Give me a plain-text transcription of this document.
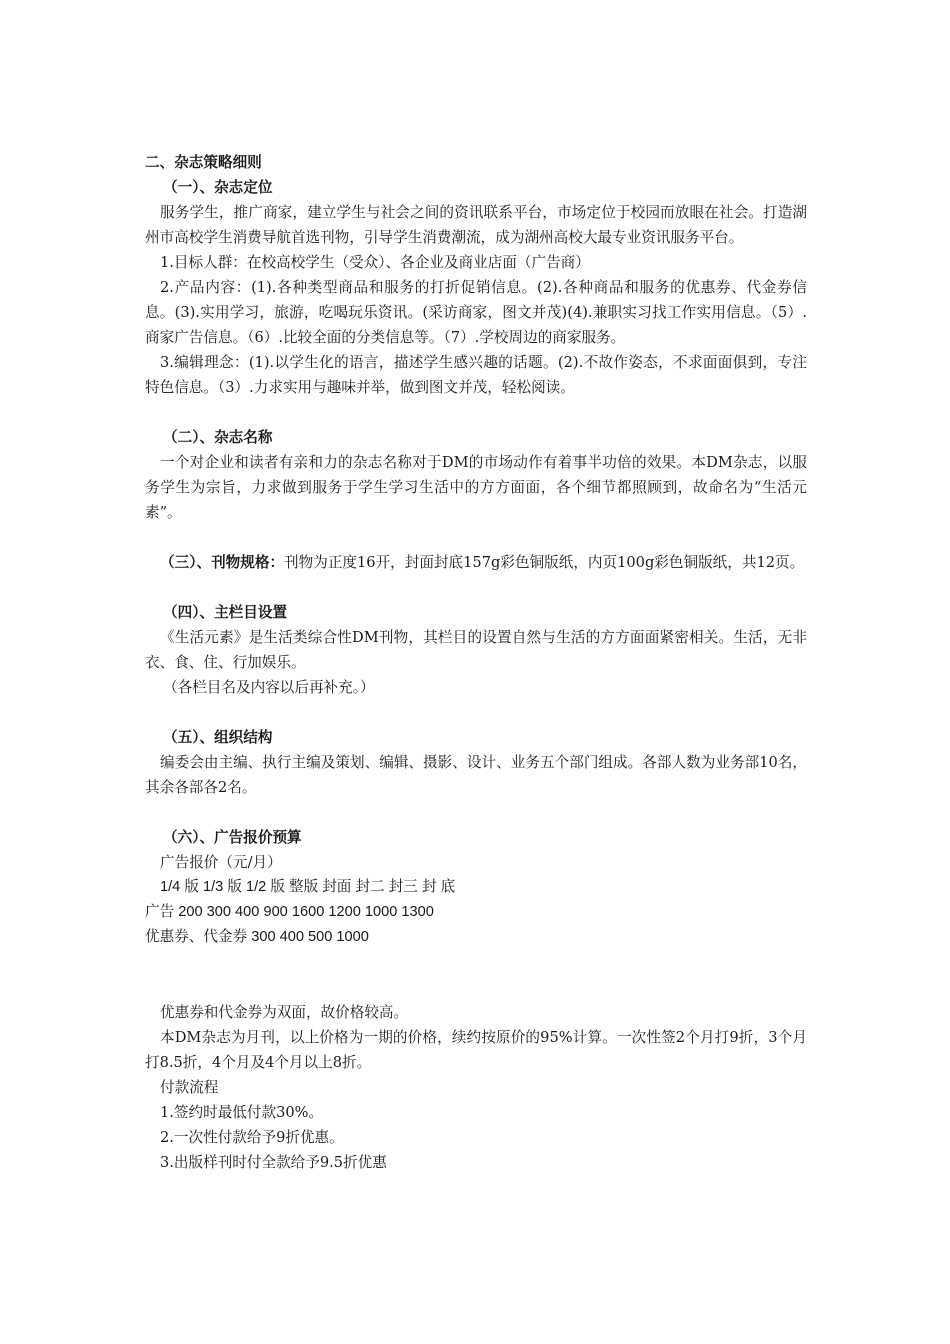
二、杂志策略细则
（一）、杂志定位

服务学生，推广商家，建立学生与社会之间的资讯联系平台，市场定位于校园而放眼在社会。打造湖州市高校学生消费导航首选刊物，引导学生消费潮流，成为湖州高校大最专业资讯服务平台。

1.目标人群：在校高校学生（受众）、各企业及商业店面（广告商）

2.产品内容：(1).各种类型商品和服务的打折促销信息。(2).各种商品和服务的优惠券、代金券信息。(3).实用学习，旅游，吃喝玩乐资讯。(采访商家，图文并茂)(4).兼职实习找工作实用信息。（5）.商家广告信息。（6）.比较全面的分类信息等。（7）.学校周边的商家服务。

3.编辑理念：(1).以学生化的语言，描述学生感兴趣的话题。(2).不故作姿态，不求面面俱到，专注特色信息。（3）.力求实用与趣味并举，做到图文并茂，轻松阅读。

（二）、杂志名称

一个对企业和读者有亲和力的杂志名称对于DM的市场动作有着事半功倍的效果。本DM杂志，以服务学生为宗旨，力求做到服务于学生学习生活中的方方面面，各个细节都照顾到，故命名为“生活元素”。

（三）、刊物规格：刊物为正度16开，封面封底157g彩色铜版纸，内页100g彩色铜版纸，共12页。

（四）、主栏目设置

《生活元素》是生活类综合性DM刊物，其栏目的设置自然与生活的方方面面紧密相关。生活，无非衣、食、住、行加娱乐。

（各栏目名及内容以后再补充。）

（五）、组织结构

编委会由主编、执行主编及策划、编辑、摄影、设计、业务五个部门组成。各部人数为业务部10名，其余各部各2名。

（六）、广告报价预算

广告报价（元/月）

1/4 版 1/3 版 1/2 版 整版 封面 封二 封三 封 底
广告 200 300 400 900 1600 1200 1000 1300
优惠券、代金券 300 400 500 1000

优惠券和代金券为双面，故价格较高。

本DM杂志为月刊，以上价格为一期的价格，续约按原价的95%计算。一次性签2个月打9折，3个月打8.5折，4个月及4个月以上8折。

付款流程

1.签约时最低付款30%。

2.一次性付款给予9折优惠。

3.出版样刊时付全款给予9.5折优惠
